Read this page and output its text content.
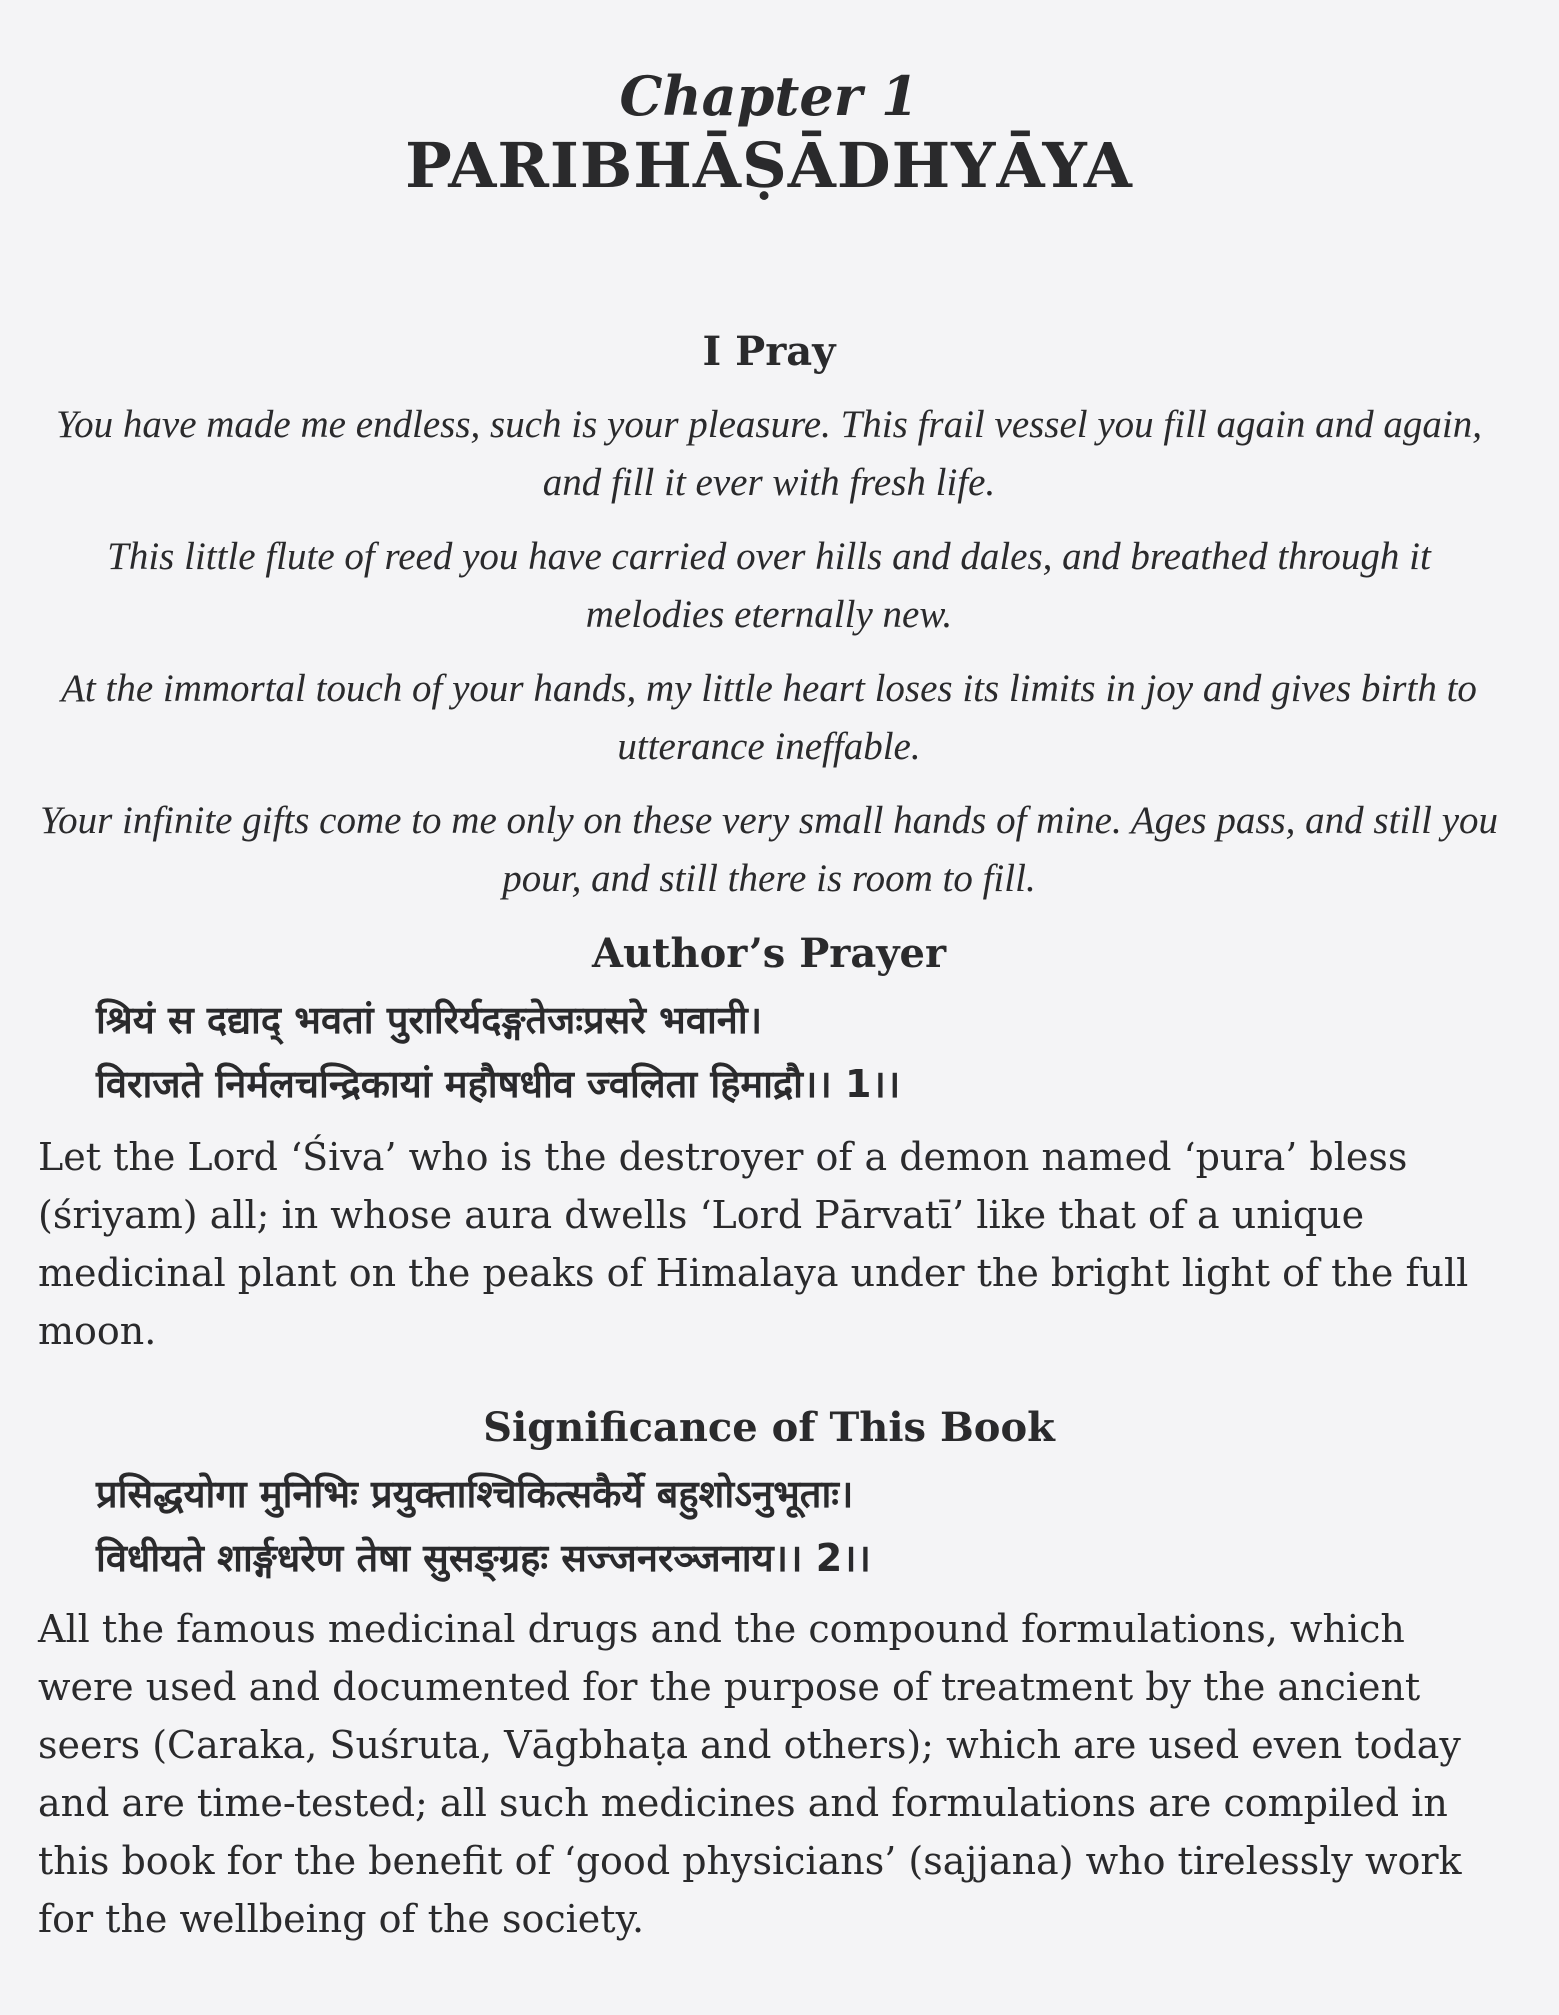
Chapter 1
PARIBHĀṢĀDHYĀYA
I Pray

You have made me endless, such is your pleasure. This frail vessel you fill again and again, and fill it ever with fresh life.

This little flute of reed you have carried over hills and dales, and breathed through it melodies eternally new.

At the immortal touch of your hands, my little heart loses its limits in joy and gives birth to utterance ineffable.

Your infinite gifts come to me only on these very small hands of mine. Ages pass, and still you pour, and still there is room to fill.

Author’s Prayer

श्रियं स दद्याद् भवतां पुरारिर्यदङ्गतेजःप्रसरे भवानी।

विराजते निर्मलचन्द्रिकायां महौषधीव ज्वलिता हिमाद्रौ।। 1।।

Let the Lord ‘Śiva’ who is the destroyer of a demon named ‘pura’ bless (śriyam) all; in whose aura dwells ‘Lord Pārvatī’ like that of a unique medicinal plant on the peaks of Himalaya under the bright light of the full moon.

Significance of This Book

प्रसिद्धयोगा मुनिभिः प्रयुक्ताश्चिकित्सकैर्ये बहुशोऽनुभूताः।

विधीयते शार्ङ्गधरेण तेषा सुसङ्ग्रहः सज्जनरञ्जनाय।। 2।।

All the famous medicinal drugs and the compound formulations, which were used and documented for the purpose of treatment by the ancient seers (Caraka, Suśruta, Vāgbhaṭa and others); which are used even today and are time-tested; all such medicines and formulations are compiled in this book for the benefit of ‘good physicians’ (sajjana) who tirelessly work for the wellbeing of the society.
